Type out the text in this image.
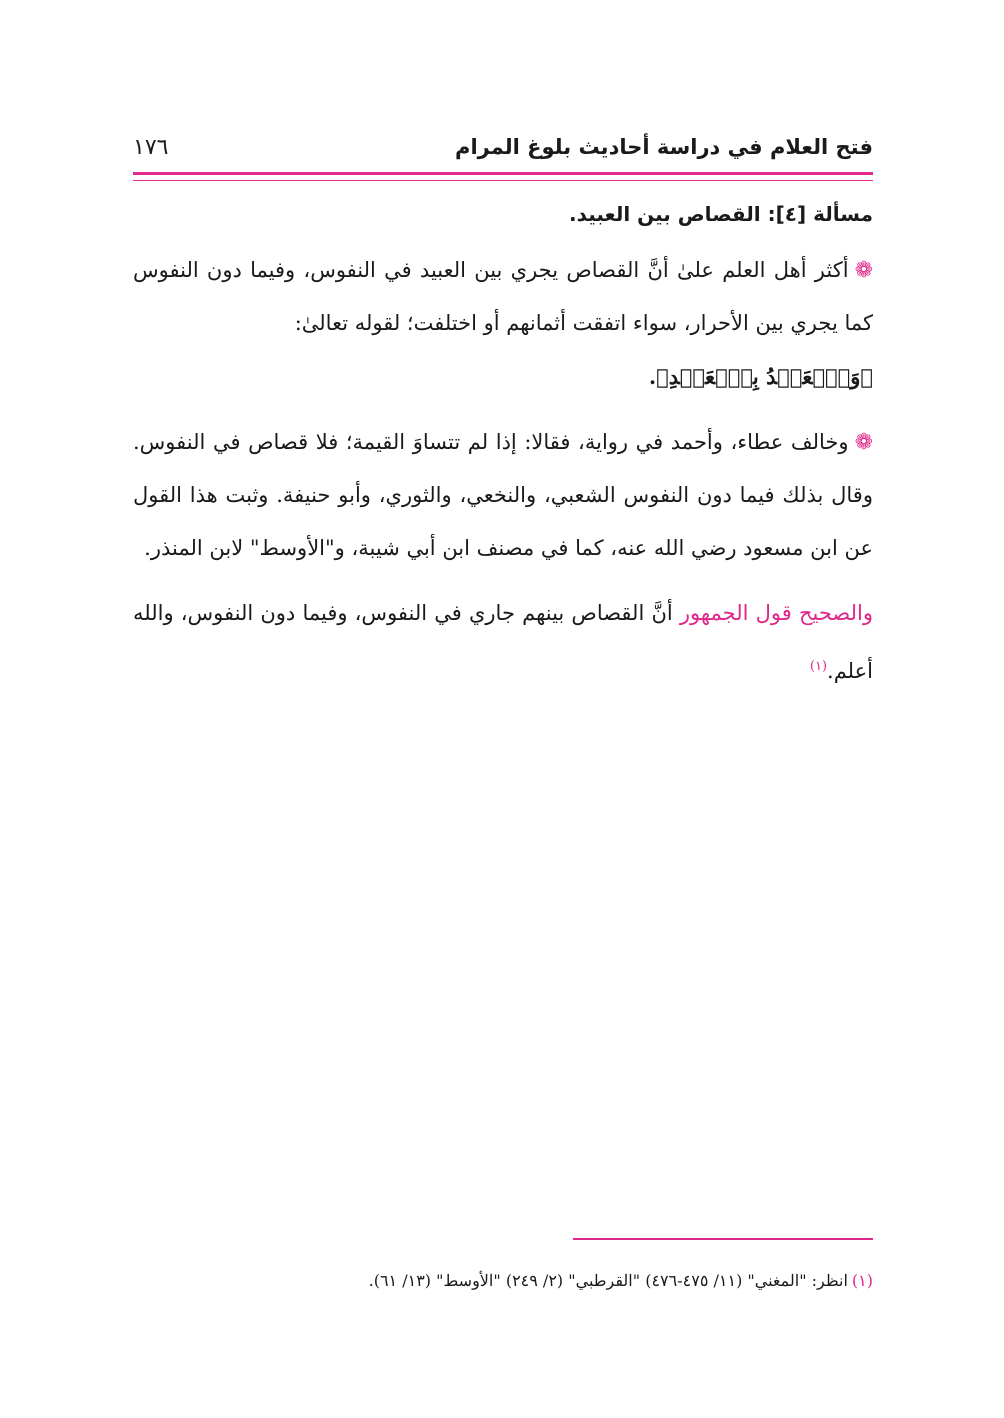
فتح العلام في دراسة أحاديث بلوغ المرام
١٧٦

مسألة [٤]: القصاص بين العبيد.

❁أكثر أهل العلم علىٰ أنَّ القصاص يجري بين العبيد في النفوس، وفيما دون النفوس كما يجري بين الأحرار، سواء اتفقت أثمانهم أو اختلفت؛ لقوله تعالىٰ:
﴿وَٱلۡعَبۡدُ بِٱلۡعَبۡدِ﴾.

❁وخالف عطاء، وأحمد في رواية، فقالا: إذا لم تتساوَ القيمة؛ فلا قصاص في النفوس. وقال بذلك فيما دون النفوس الشعبي، والنخعي، والثوري، وأبو حنيفة. وثبت هذا القول عن ابن مسعود رضي الله عنه، كما في مصنف ابن أبي شيبة، و"الأوسط" لابن المنذر.

والصحيح قول الجمهور أنَّ القصاص بينهم جاري في النفوس، وفيما دون النفوس، والله أعلم.$^{(١)}$

(١)انظر: "المغني" (١١/ ٤٧٥-٤٧٦) "القرطبي" (٢/ ٢٤٩) "الأوسط" (١٣/ ٦١).
